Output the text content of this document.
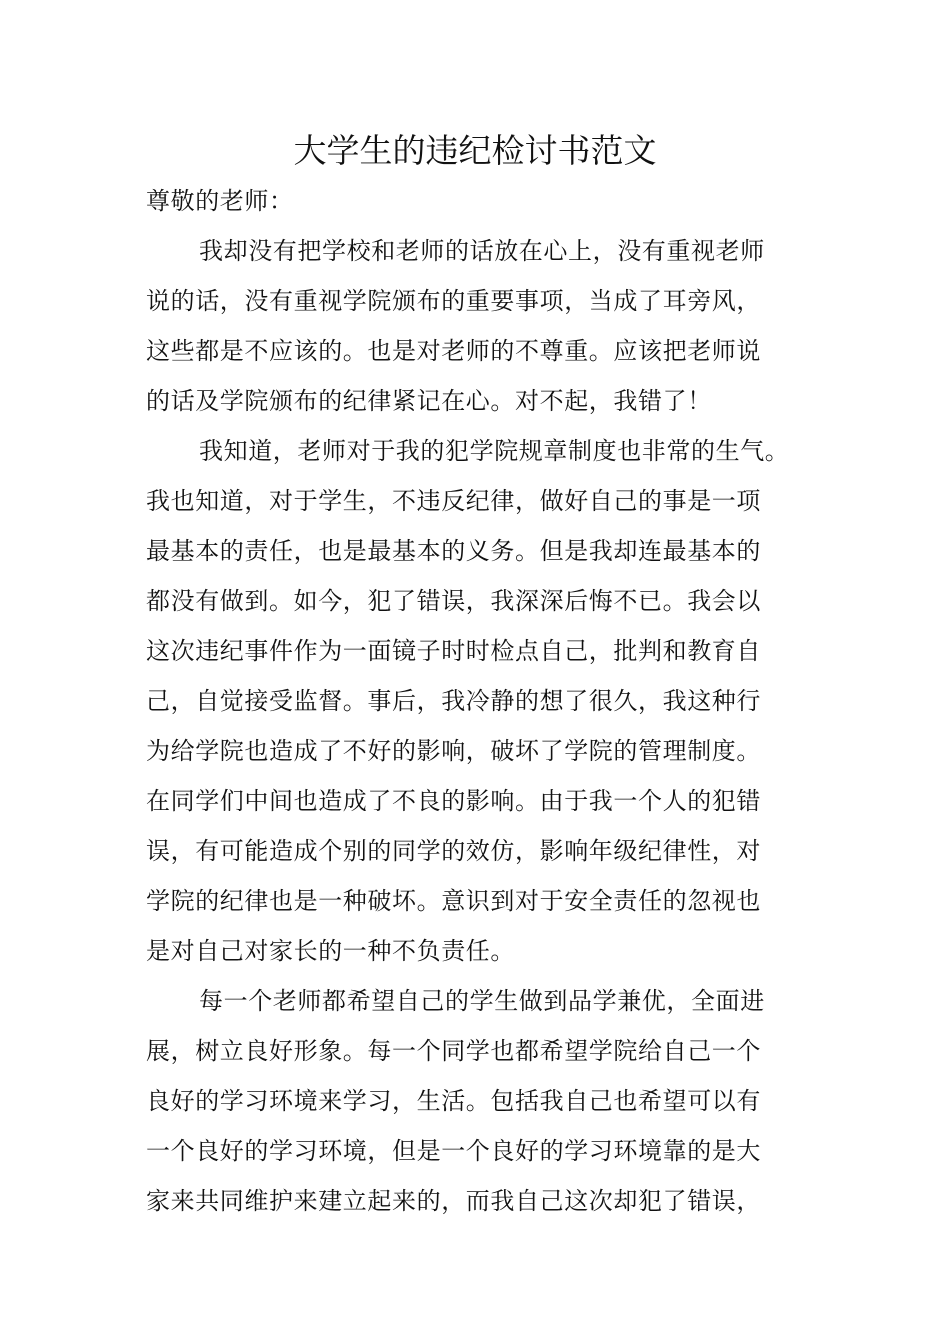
大学生的违纪检讨书范文
尊敬的老师：
我却没有把学校和老师的话放在心上，没有重视老师
说的话，没有重视学院颁布的重要事项，当成了耳旁风，
这些都是不应该的。也是对老师的不尊重。应该把老师说
的话及学院颁布的纪律紧记在心。对不起，我错了！
我知道，老师对于我的犯学院规章制度也非常的生气。
我也知道，对于学生，不违反纪律，做好自己的事是一项
最基本的责任，也是最基本的义务。但是我却连最基本的
都没有做到。如今，犯了错误，我深深后悔不已。我会以
这次违纪事件作为一面镜子时时检点自己，批判和教育自
己，自觉接受监督。事后，我冷静的想了很久，我这种行
为给学院也造成了不好的影响，破坏了学院的管理制度。
在同学们中间也造成了不良的影响。由于我一个人的犯错
误，有可能造成个别的同学的效仿，影响年级纪律性，对
学院的纪律也是一种破坏。意识到对于安全责任的忽视也
是对自己对家长的一种不负责任。
每一个老师都希望自己的学生做到品学兼优，全面进
展，树立良好形象。每一个同学也都希望学院给自己一个
良好的学习环境来学习，生活。包括我自己也希望可以有
一个良好的学习环境，但是一个良好的学习环境靠的是大
家来共同维护来建立起来的，而我自己这次却犯了错误，
